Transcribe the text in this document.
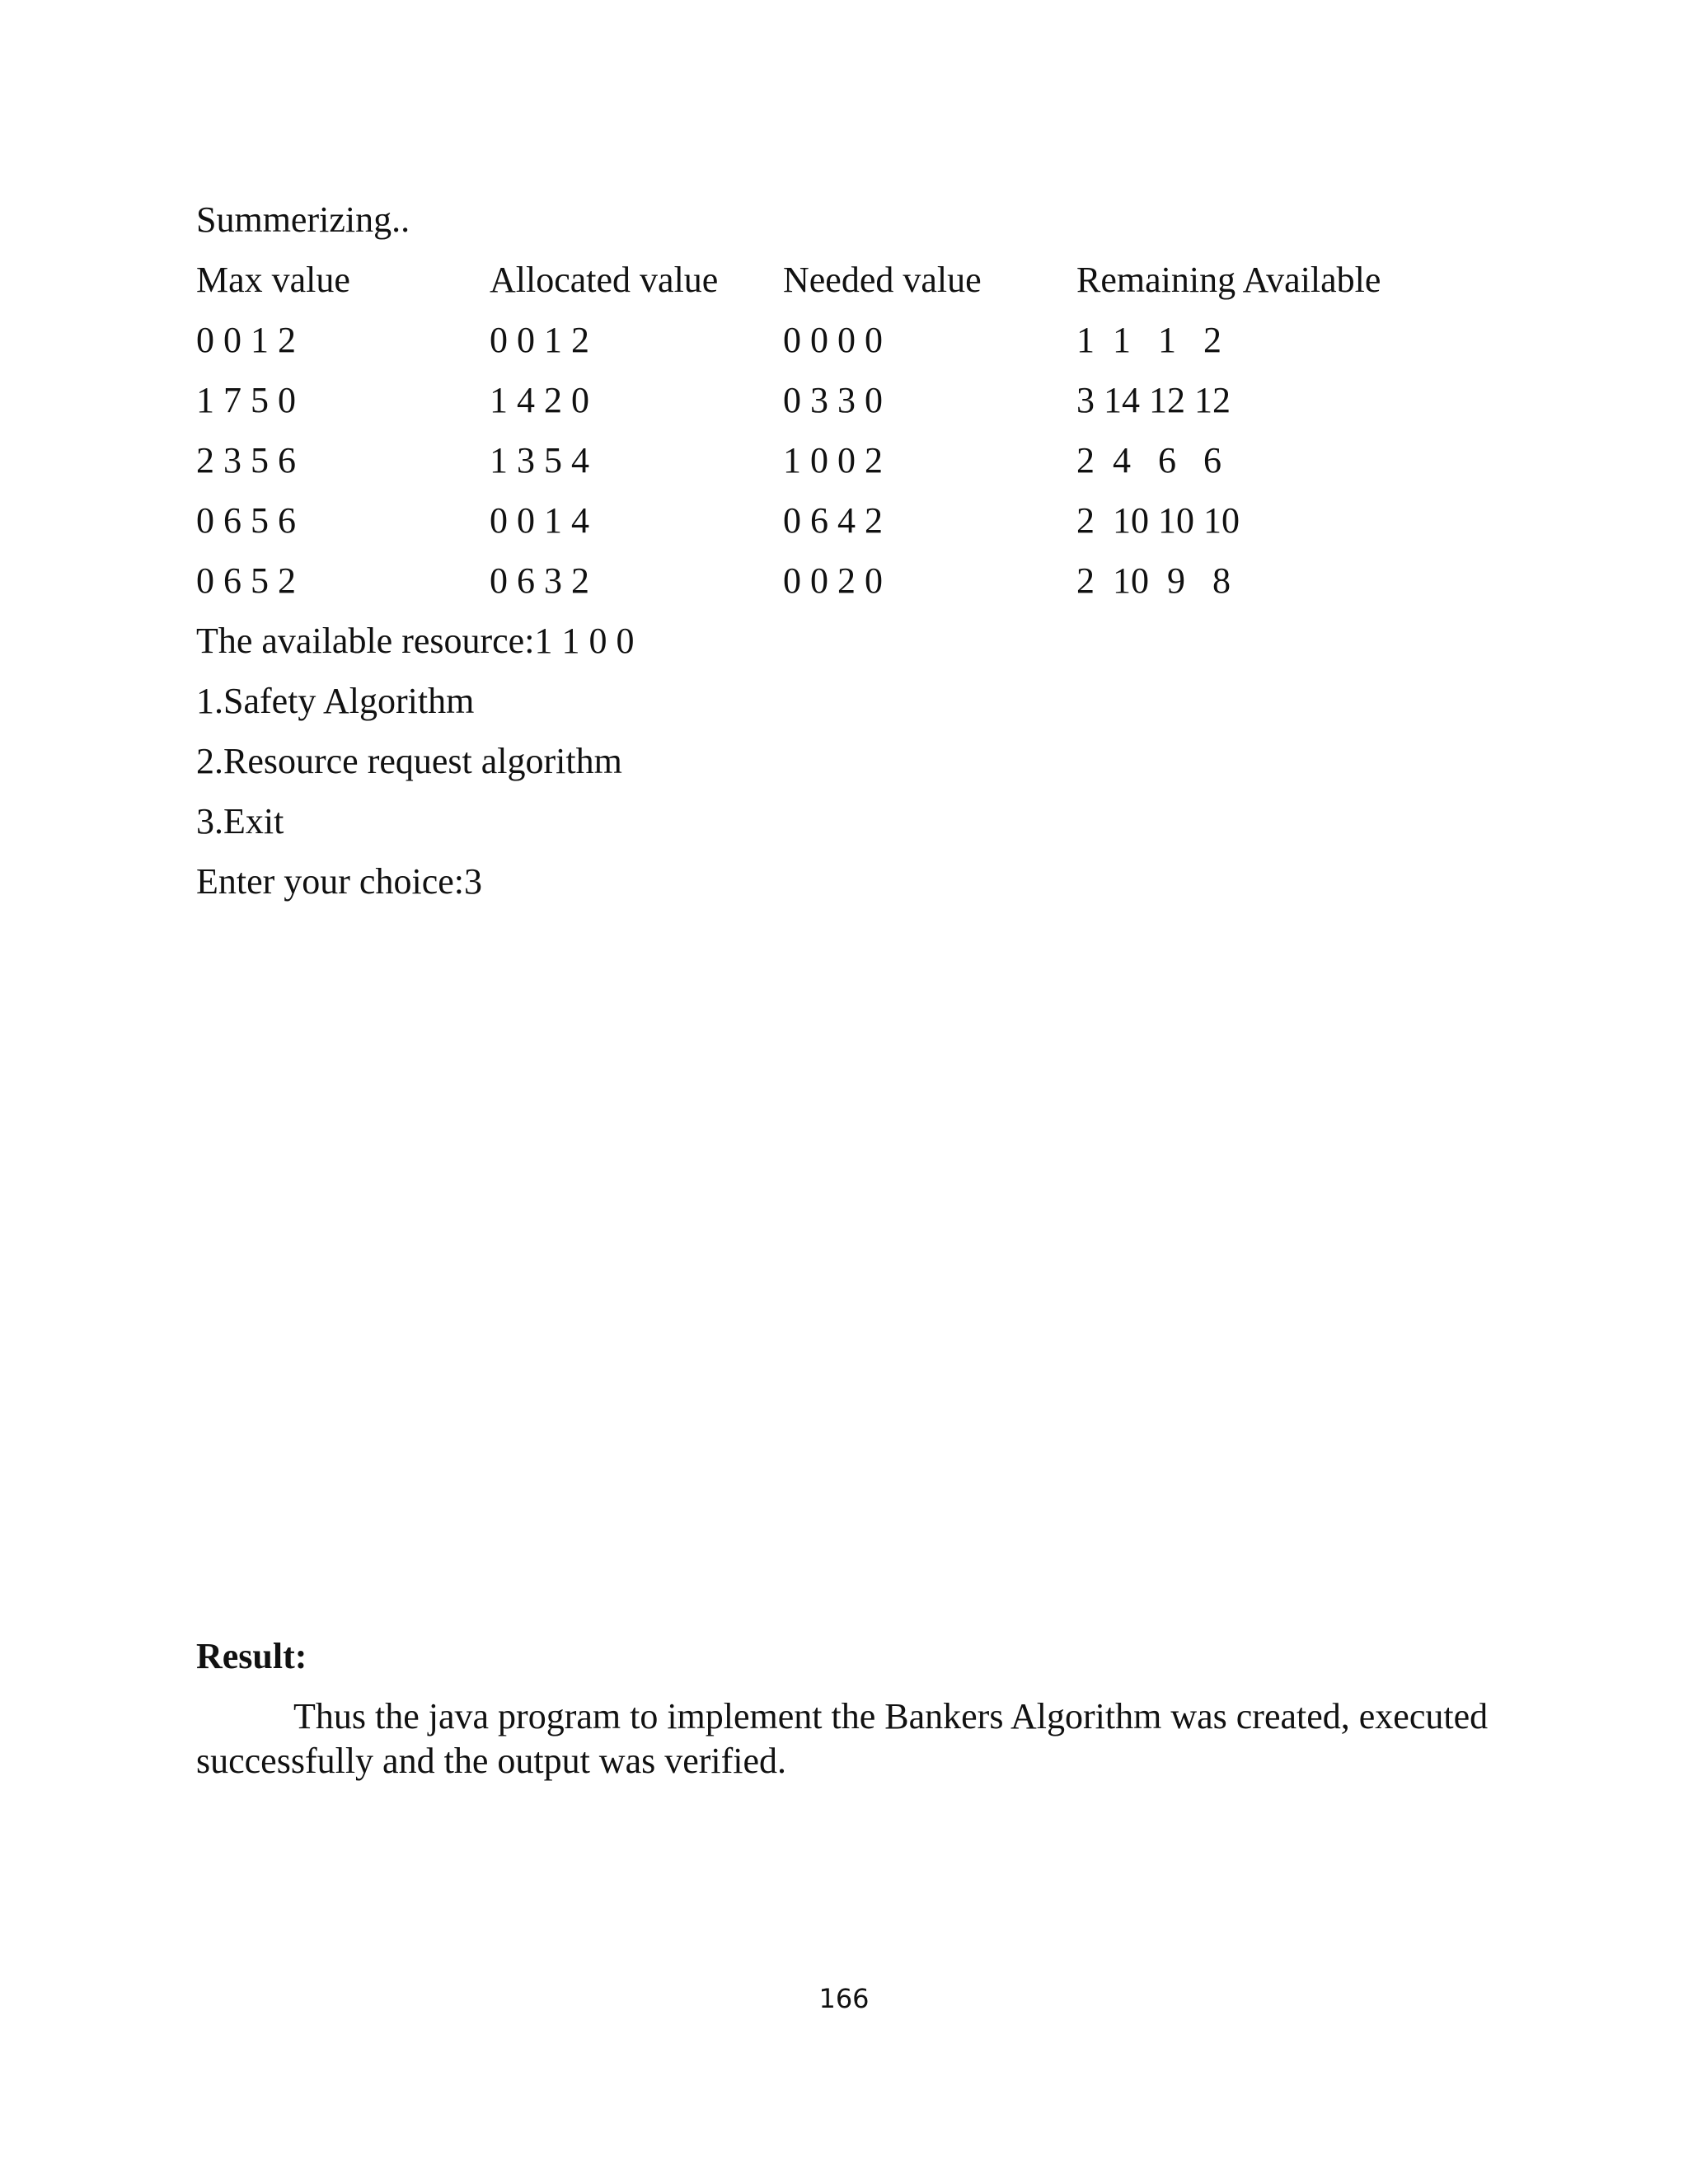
Summerizing..
Max value	Allocated value	Needed value	Remaining Available
0 0 1 2	0 0 1 2	0 0 0 0	1  1   1   2
1 7 5 0	1 4 2 0	0 3 3 0	3 14 12 12
2 3 5 6	1 3 5 4	1 0 0 2	2  4   6   6
0 6 5 6	0 0 1 4	0 6 4 2	2  10 10 10
0 6 5 2	0 6 3 2	0 0 2 0	2  10  9   8
The available resource:1 1 0 0
1.Safety Algorithm
2.Resource request algorithm
3.Exit
Enter your choice:3
Result:
Thus the java program to implement the Bankers Algorithm was created, executed successfully and the output was verified.
166
